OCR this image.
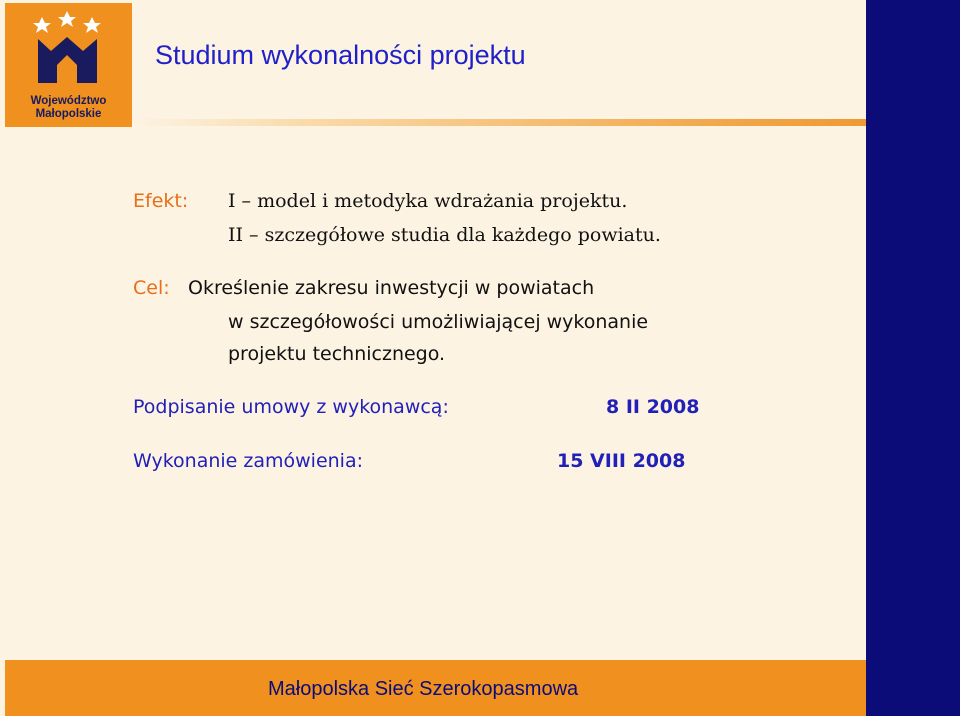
Województwo
Małopolskie
Studium wykonalności projektu
Efekt: I – model i metodyka wdrażania projektu.
II – szczegółowe studia dla każdego powiatu.
Cel: Określenie zakresu inwestycji w powiatach
w szczegółowości umożliwiającej wykonanie
projektu technicznego.
Podpisanie umowy z wykonawcą:	8 II 2008
Wykonanie zamówienia:	15 VIII 2008
Małopolska Sieć Szerokopasmowa
